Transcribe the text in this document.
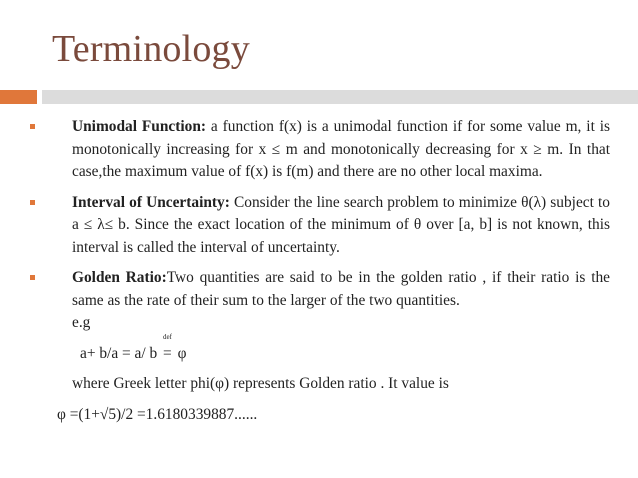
Terminology
Unimodal Function: a function f(x) is a unimodal function if for some value m, it is monotonically increasing for x ≤ m and monotonically decreasing for x ≥ m. In that case,the maximum value of f(x) is f(m) and there are no other local maxima.
Interval of Uncertainty: Consider the line search problem to minimize θ(λ) subject to a ≤ λ≤ b. Since the exact location of the minimum of θ over [a, b] is not known, this interval is called the interval of uncertainty.
Golden Ratio:Two quantities are said to be in the golden ratio , if their ratio is the same as the rate of their sum to the larger of the two quantities.
e.g
a+ b/a = a/ b
def
= φ
where Greek letter phi(φ) represents Golden ratio . It value is
φ =(1+√5)/2 =1.6180339887......
